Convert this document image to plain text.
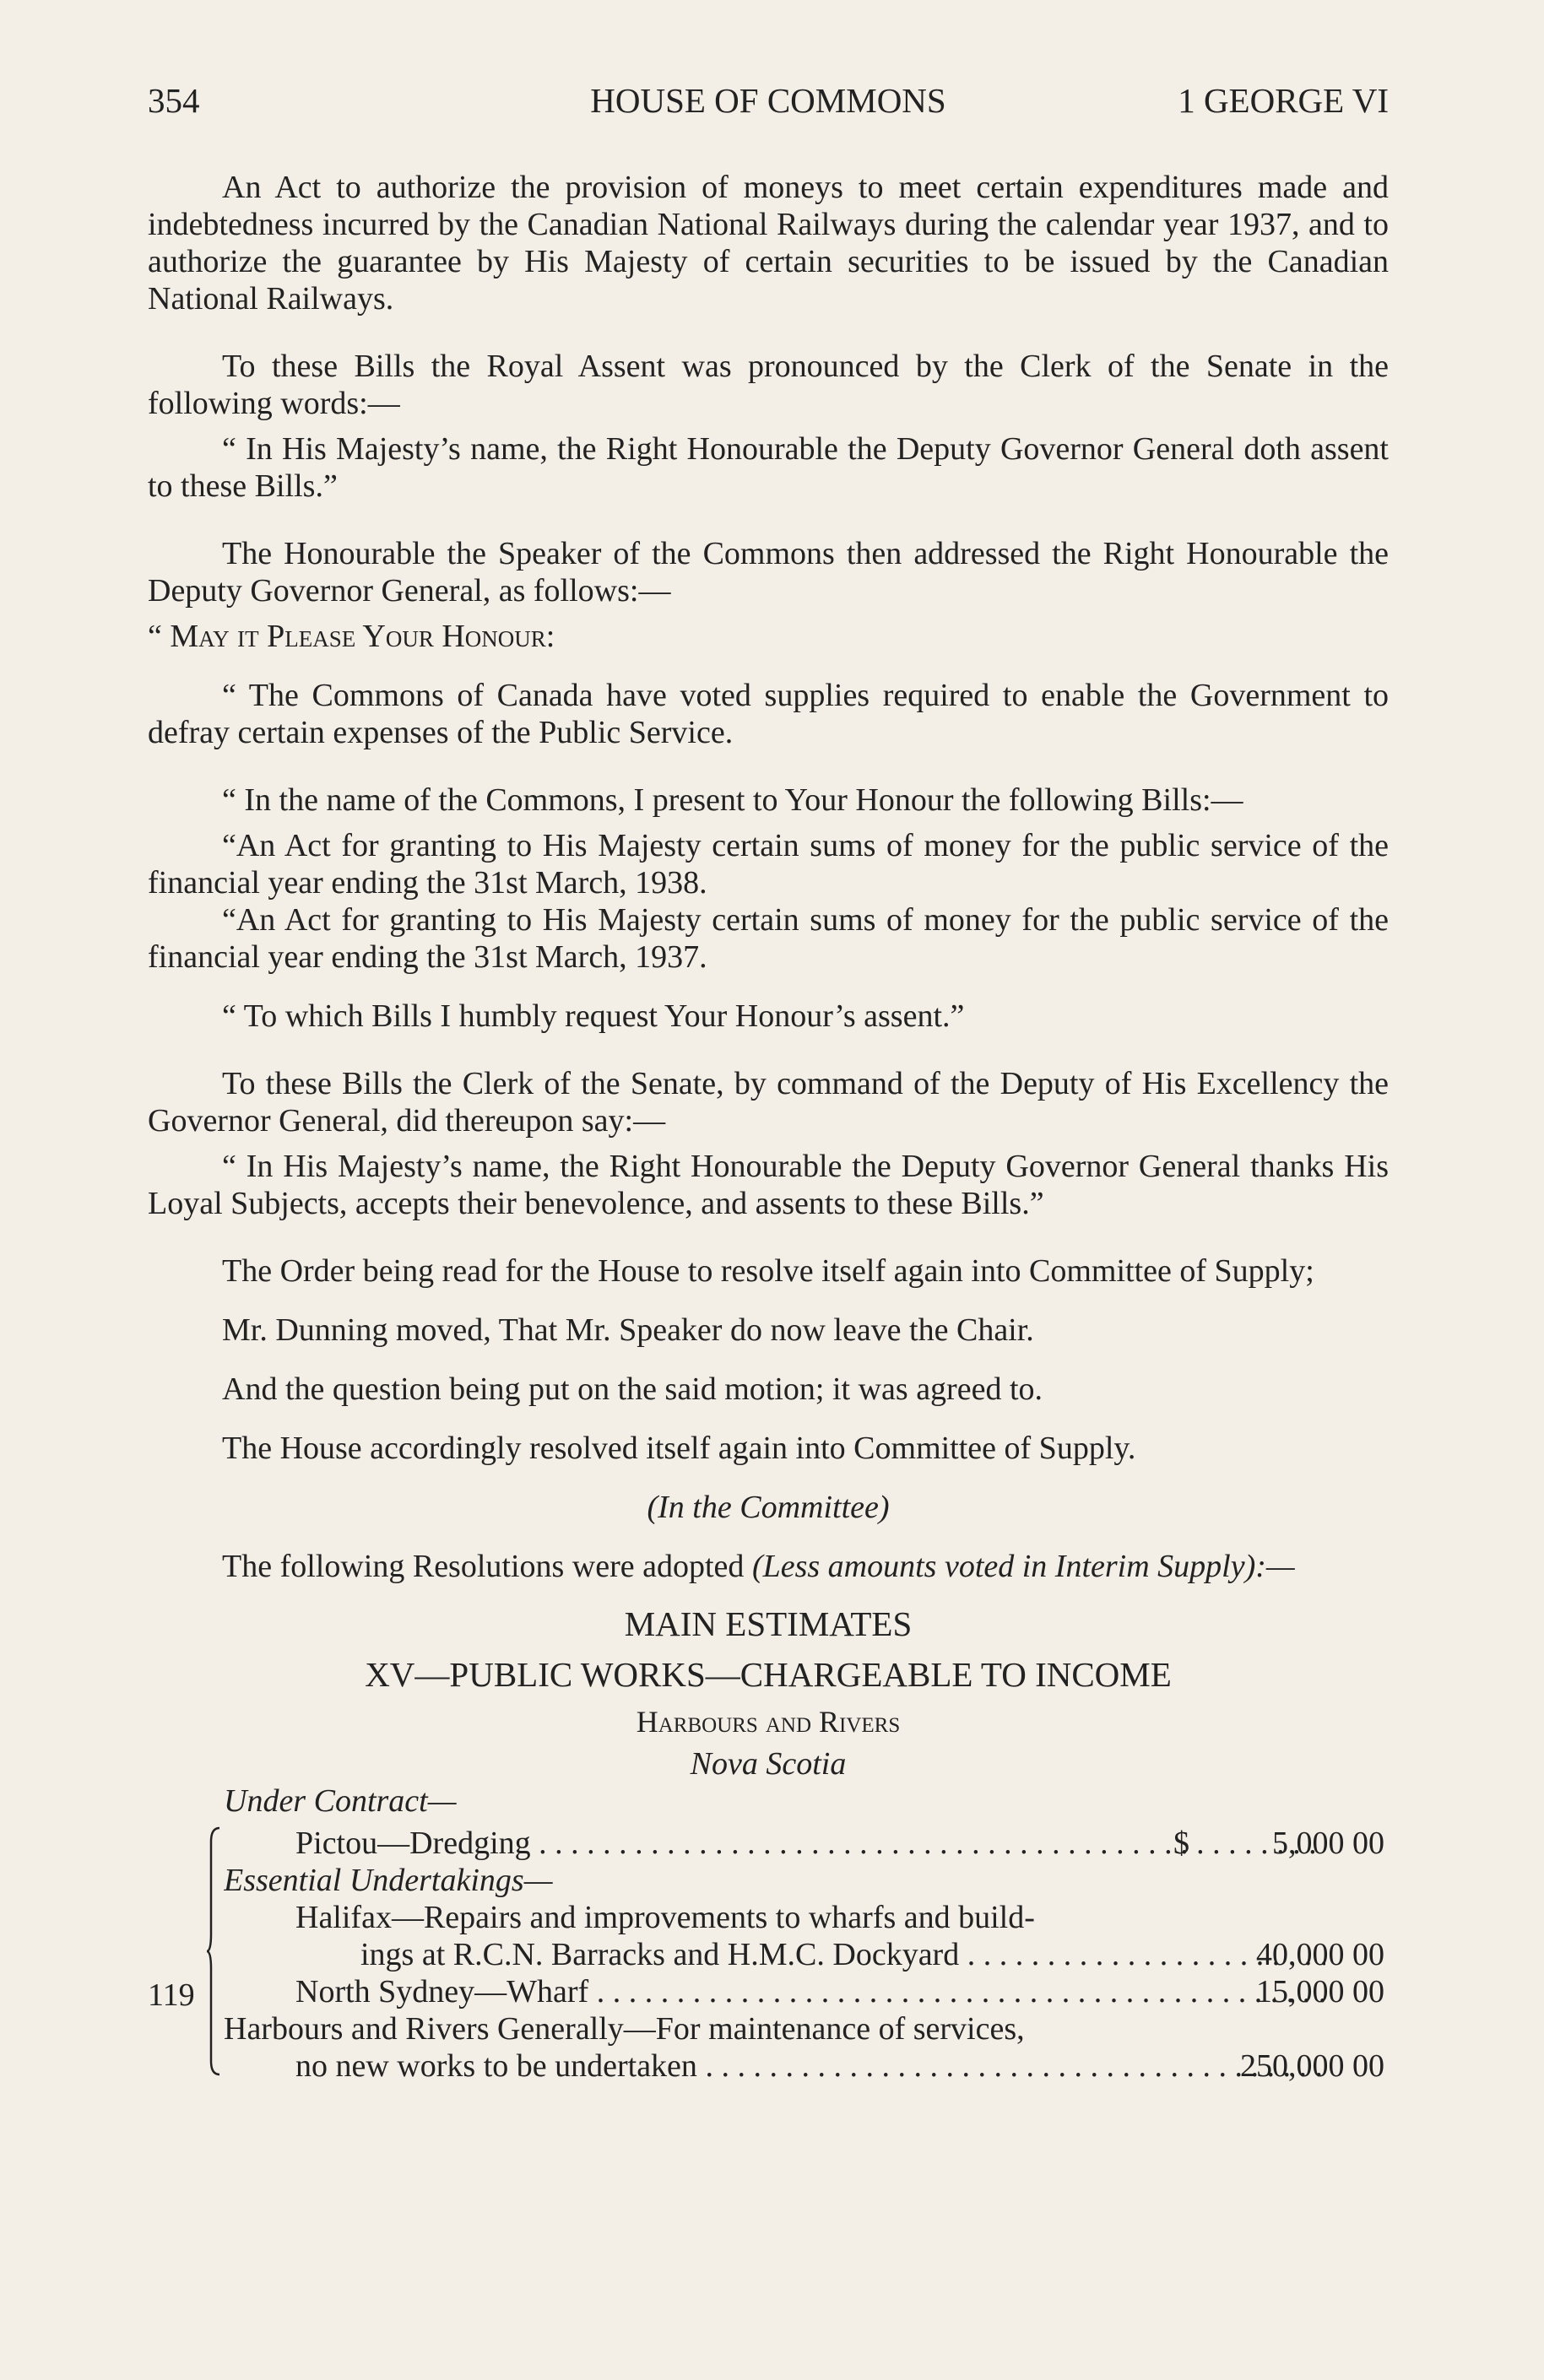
354	HOUSE OF COMMONS	1 GEORGE VI

An Act to authorize the provision of moneys to meet certain expenditures made and indebtedness incurred by the Canadian National Railways during the calendar year 1937, and to authorize the guarantee by His Majesty of certain securities to be issued by the Canadian National Railways.

To these Bills the Royal Assent was pronounced by the Clerk of the Senate in the following words:—

“ In His Majesty’s name, the Right Honourable the Deputy Governor General doth assent to these Bills.”

The Honourable the Speaker of the Commons then addressed the Right Honourable the Deputy Governor General, as follows:—

“ May it Please Your Honour:

“ The Commons of Canada have voted supplies required to enable the Government to defray certain expenses of the Public Service.

“ In the name of the Commons, I present to Your Honour the following Bills:—

“An Act for granting to His Majesty certain sums of money for the public service of the financial year ending the 31st March, 1938.

“An Act for granting to His Majesty certain sums of money for the public service of the financial year ending the 31st March, 1937.

“ To which Bills I humbly request Your Honour’s assent.”

To these Bills the Clerk of the Senate, by command of the Deputy of His Excellency the Governor General, did thereupon say:—

“ In His Majesty’s name, the Right Honourable the Deputy Governor General thanks His Loyal Subjects, accepts their benevolence, and assents to these Bills.”

The Order being read for the House to resolve itself again into Committee of Supply;

Mr. Dunning moved, That Mr. Speaker do now leave the Chair.

And the question being put on the said motion; it was agreed to.

The House accordingly resolved itself again into Committee of Supply.

(In the Committee)

The following Resolutions were adopted (Less amounts voted in Interim Supply):—

MAIN ESTIMATES

XV—PUBLIC WORKS—CHARGEABLE TO INCOME

Harbours and Rivers

Nova Scotia

Under Contract—

119
Pictou—Dredging . . .	$	5,000 00
Essential Undertakings—
Halifax—Repairs and improvements to wharfs and build-
ings at R.C.N. Barracks and H.M.C. Dockyard . . .	40,000 00
North Sydney—Wharf . . .	15,000 00
Harbours and Rivers Generally—For maintenance of services,
no new works to be undertaken . . .	250,000 00
